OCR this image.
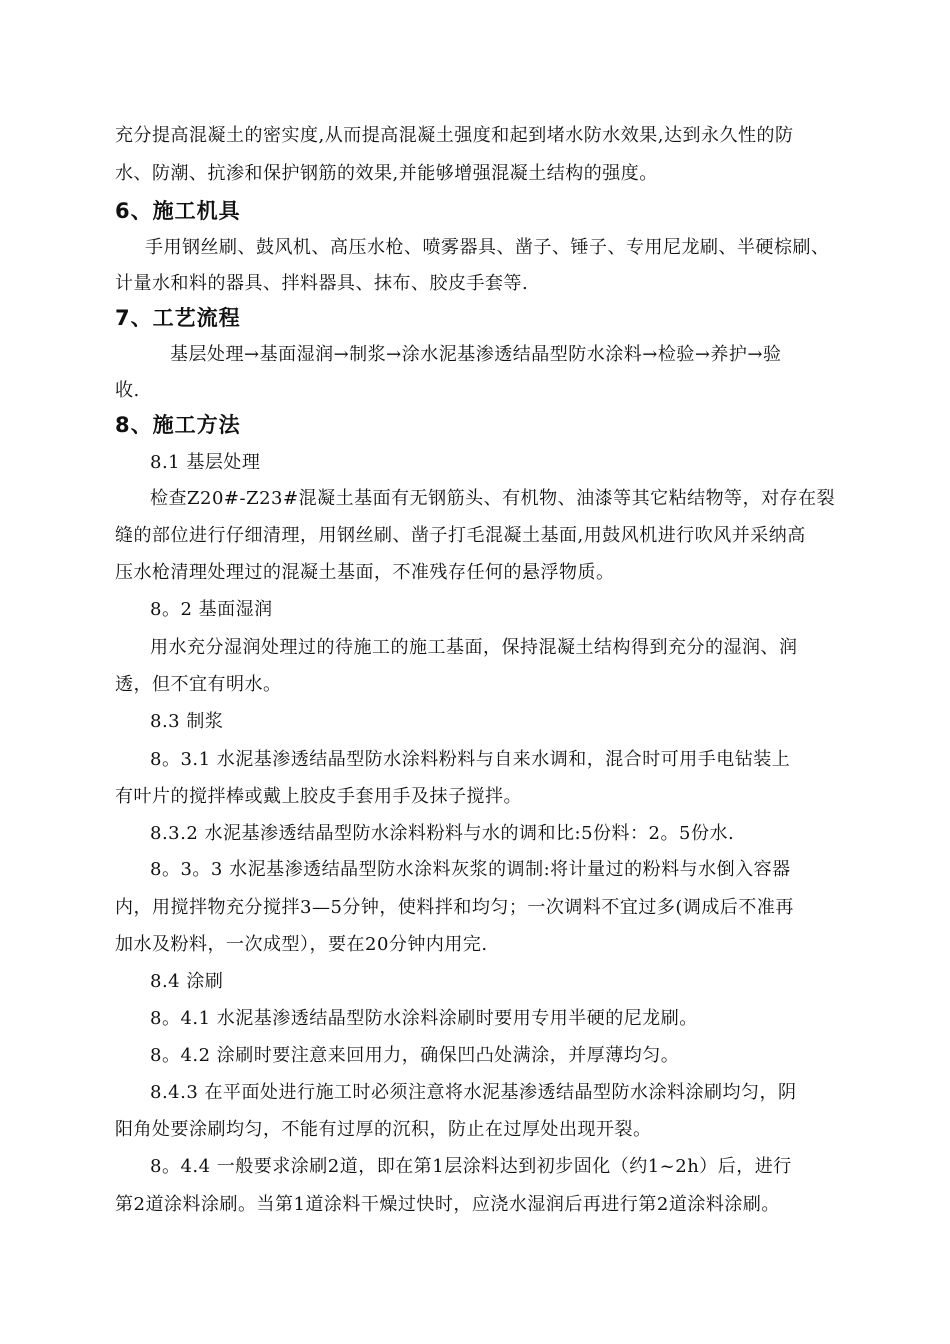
充分提高混凝土的密实度,从而提高混凝土强度和起到堵水防水效果,达到永久性的防
水、防潮、抗渗和保护钢筋的效果,并能够增强混凝土结构的强度。
6、施工机具
手用钢丝刷、鼓风机、高压水枪、喷雾器具、凿子、锤子、专用尼龙刷、半硬棕刷、
计量水和料的器具、拌料器具、抹布、胶皮手套等.
7、工艺流程
基层处理→基面湿润→制浆→涂水泥基渗透结晶型防水涂料→检验→养护→验
收.
8、施工方法
8.1 基层处理
检查Z20#-Z23#混凝土基面有无钢筋头、有机物、油漆等其它粘结物等，对存在裂
缝的部位进行仔细清理，用钢丝刷、凿子打毛混凝土基面,用鼓风机进行吹风并采纳高
压水枪清理处理过的混凝土基面，不准残存任何的悬浮物质。
8。2 基面湿润
用水充分湿润处理过的待施工的施工基面，保持混凝土结构得到充分的湿润、润
透，但不宜有明水。
8.3 制浆
8。3.1 水泥基渗透结晶型防水涂料粉料与自来水调和，混合时可用手电钻装上
有叶片的搅拌棒或戴上胶皮手套用手及抹子搅拌。
8.3.2 水泥基渗透结晶型防水涂料粉料与水的调和比:5份料：2。5份水.
8。3。3 水泥基渗透结晶型防水涂料灰浆的调制:将计量过的粉料与水倒入容器
内，用搅拌物充分搅拌3—5分钟，使料拌和均匀；一次调料不宜过多(调成后不准再
加水及粉料，一次成型），要在20分钟内用完.
8.4 涂刷
8。4.1 水泥基渗透结晶型防水涂料涂刷时要用专用半硬的尼龙刷。
8。4.2 涂刷时要注意来回用力，确保凹凸处满涂，并厚薄均匀。
8.4.3 在平面处进行施工时必须注意将水泥基渗透结晶型防水涂料涂刷均匀，阴
阳角处要涂刷均匀，不能有过厚的沉积，防止在过厚处出现开裂。
8。4.4 一般要求涂刷2道，即在第1层涂料达到初步固化（约1~2h）后，进行
第2道涂料涂刷。当第1道涂料干燥过快时，应浇水湿润后再进行第2道涂料涂刷。
